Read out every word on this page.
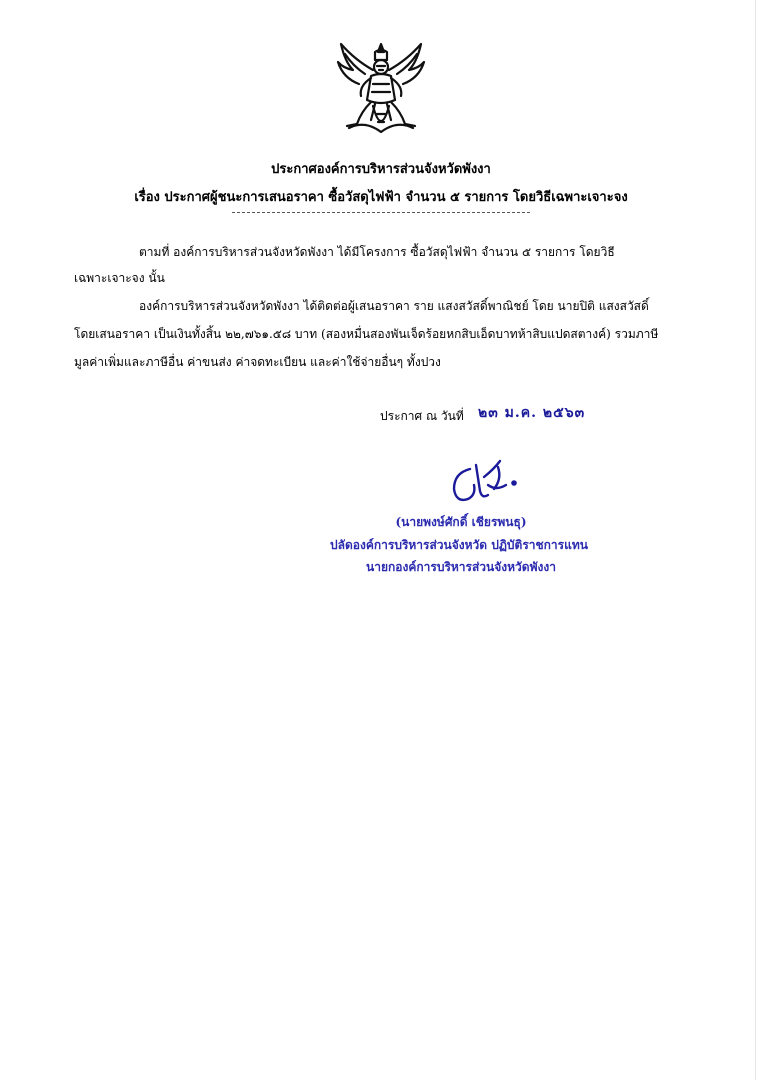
ประกาศองค์การบริหารส่วนจังหวัดพังงา
เรื่อง ประกาศผู้ชนะการเสนอราคา ซื้อวัสดุไฟฟ้า จำนวน ๕ รายการ โดยวิธีเฉพาะเจาะจง
ตามที่ องค์การบริหารส่วนจังหวัดพังงา ได้มีโครงการ ซื้อวัสดุไฟฟ้า จำนวน ๕ รายการ โดยวิธี
เฉพาะเจาะจง นั้น
องค์การบริหารส่วนจังหวัดพังงา ได้ติดต่อผู้เสนอราคา ราย แสงสวัสดิ์พาณิชย์ โดย นายปิติ แสงสวัสดิ์
โดยเสนอราคา เป็นเงินทั้งสิ้น ๒๒,๗๖๑.๕๘ บาท (สองหมื่นสองพันเจ็ดร้อยหกสิบเอ็ดบาทห้าสิบแปดสตางค์) รวมภาษี
มูลค่าเพิ่มและภาษีอื่น ค่าขนส่ง ค่าจดทะเบียน และค่าใช้จ่ายอื่นๆ ทั้งปวง
ประกาศ ณ วันที่ ๒๓ ม.ค. ๒๕๖๓
(นายพงษ์ศักดิ์ เชียรพนธุ)
ปลัดองค์การบริหารส่วนจังหวัด ปฏิบัติราชการแทน
นายกองค์การบริหารส่วนจังหวัดพังงา
